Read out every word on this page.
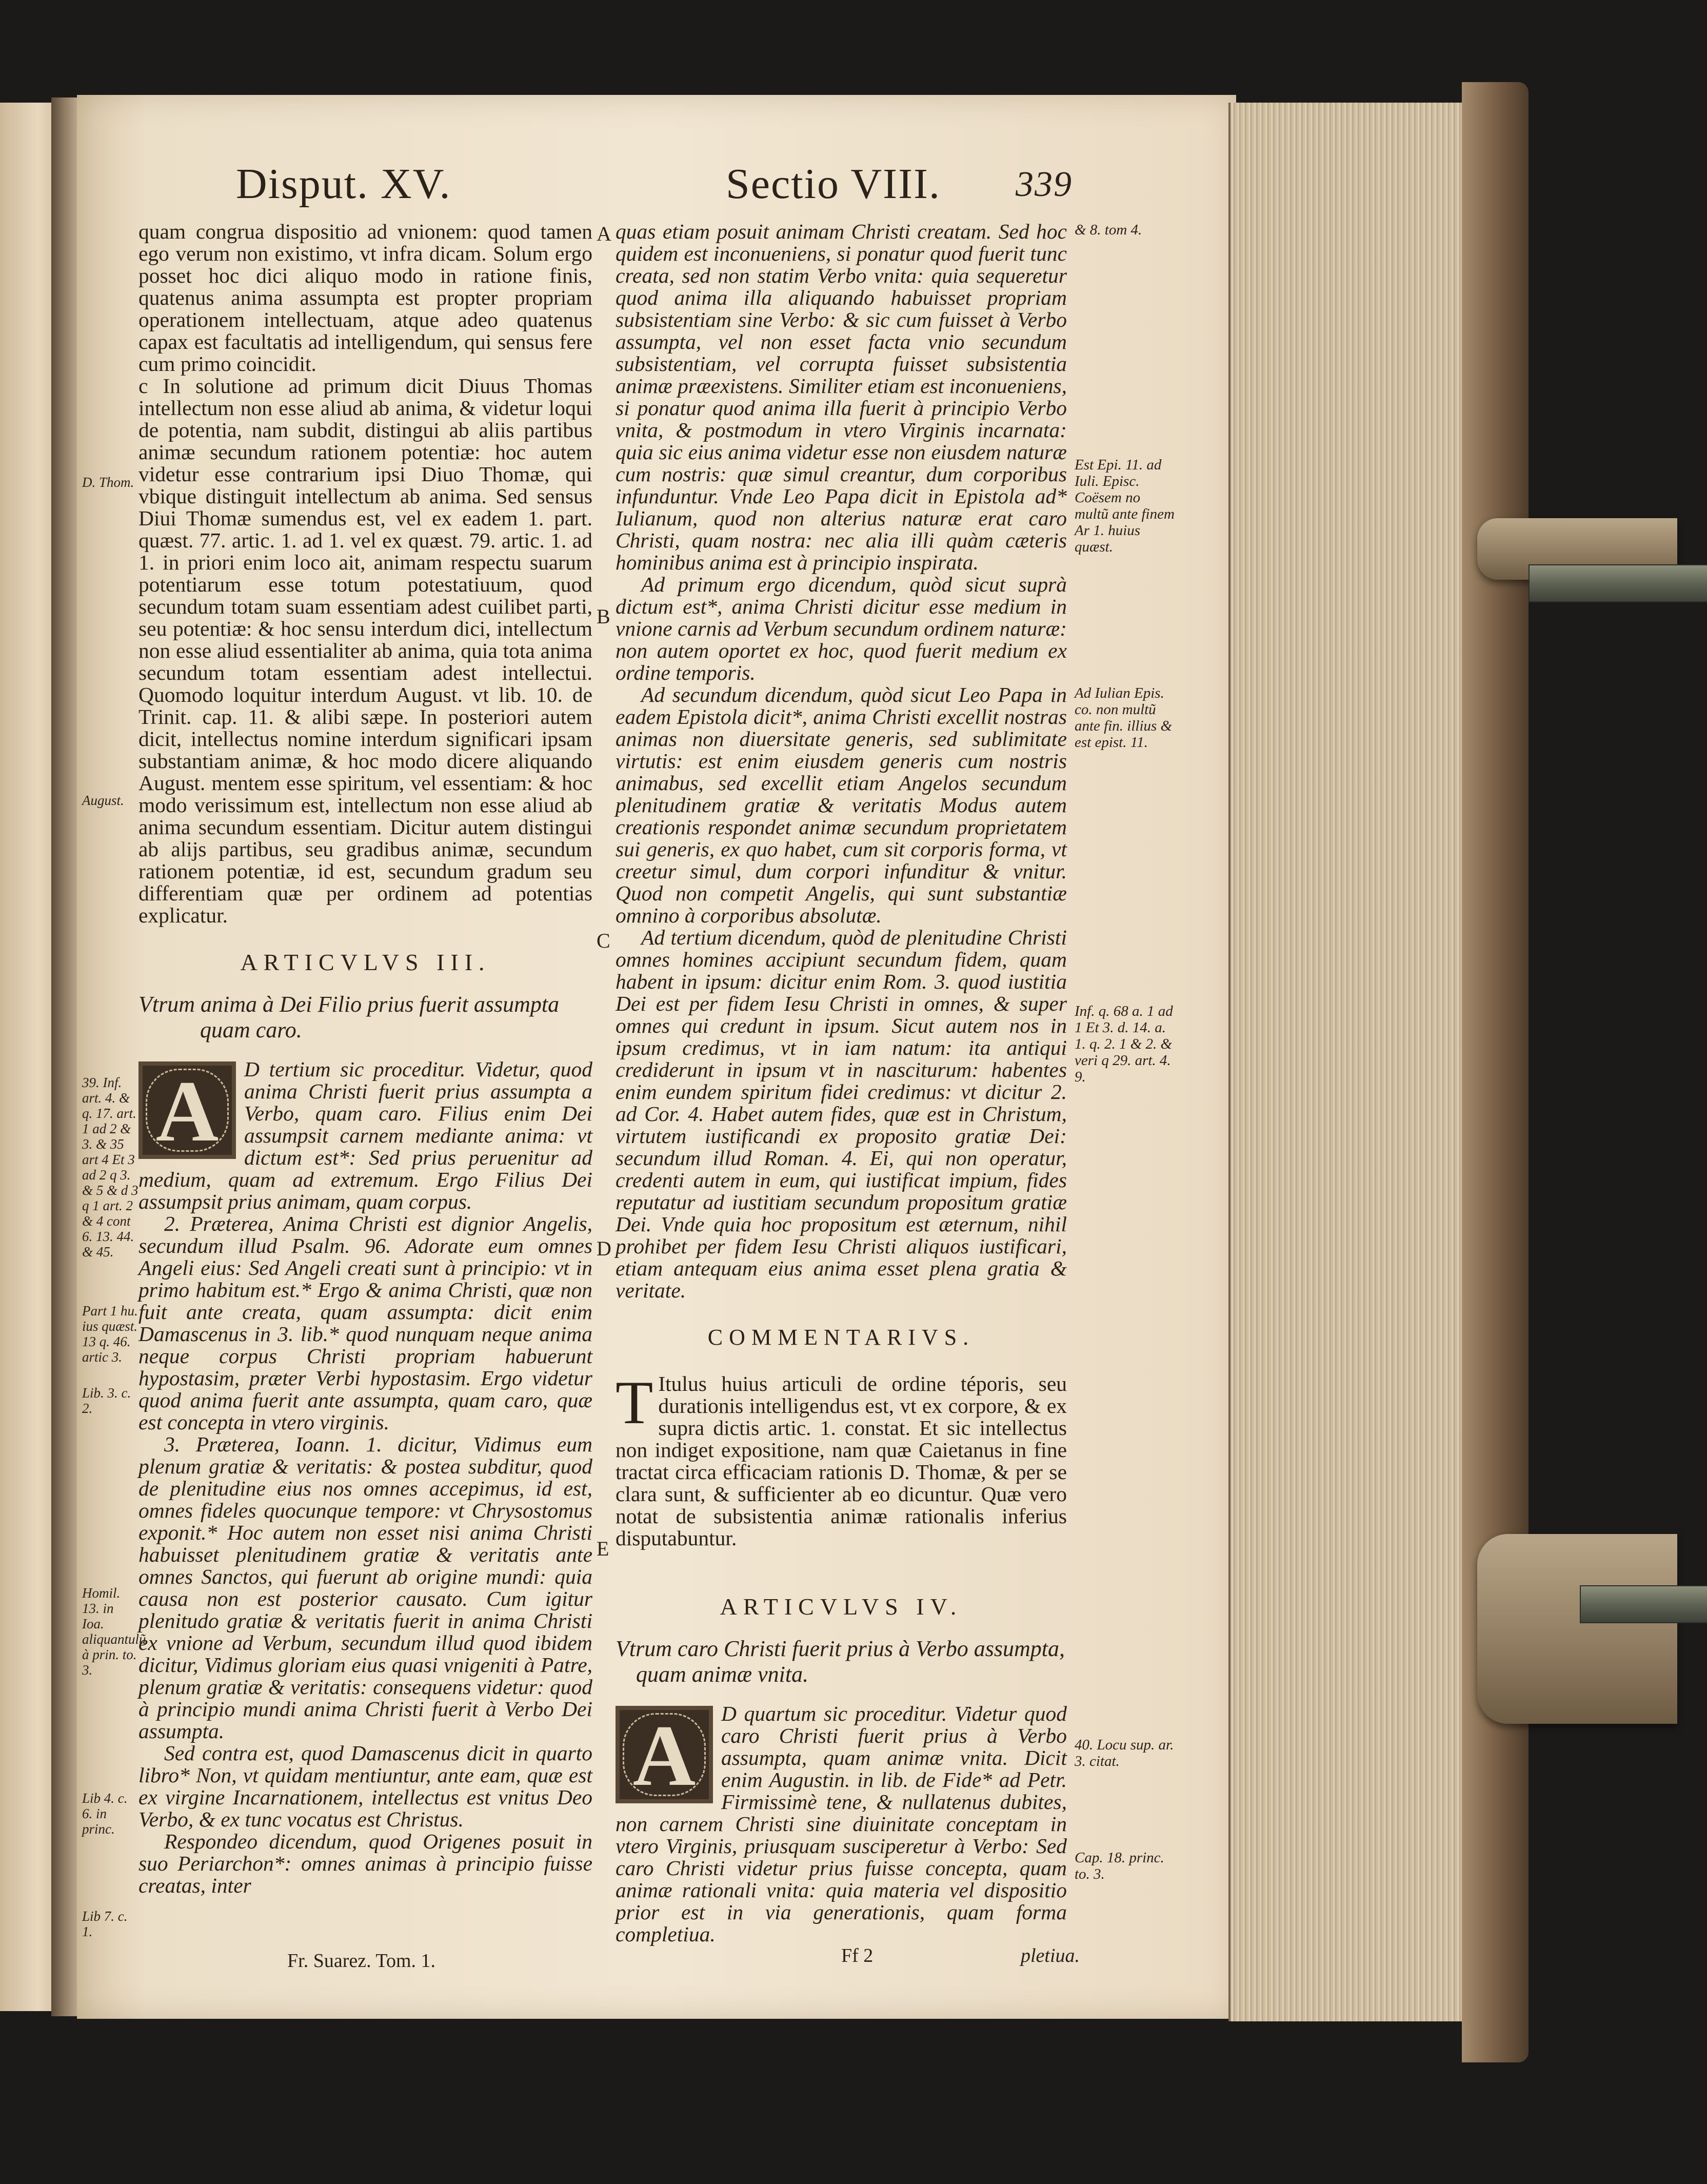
Disput. XV.	Sectio VIII. 339
D. Thom.
August.
39. Inf. art. 4. & q. 17. art. 1 ad 2 & 3. & 35 art 4 Et 3 ad 2 q 3. & 5 & d 3 q 1 art. 2 & 4 cont 6. 13. 44. & 45.
Part 1 hu. ius quæst. 13 q. 46. artic 3.
Lib. 3. c. 2.
Homil. 13. in Ioa. aliquantulũ à prin. to. 3.
Lib 4. c. 6. in princ.
Lib 7. c. 1.
A
B
C
D
E
& 8. tom 4.
Est Epi. 11. ad Iuli. Episc. Coësem no multũ ante finem Ar 1. huius quæst.
Ad Iulian Epis. co. non multũ ante fin. illius & est epist. 11.
Inf. q. 68 a. 1 ad 1 Et 3. d. 14. a. 1. q. 2. 1 & 2. & veri q 29. art. 4. 9.
40. Locu sup. ar. 3. citat.
Cap. 18. princ. to. 3.

quam congrua dispositio ad vnionem: quod tamen ego verum non existimo, vt infra dicam. Solum ergo posset hoc dici aliquo modo in ratione finis, quatenus anima assumpta est propter propriam operationem intellectuam, atque adeo quatenus capax est facultatis ad intelligendum, qui sensus fere cum primo coincidit.

c In solutione ad primum dicit Diuus Thomas intellectum non esse aliud ab anima, & videtur loqui de potentia, nam subdit, distingui ab aliis partibus animæ secundum rationem potentiæ: hoc autem videtur esse contrarium ipsi Diuo Thomæ, qui vbique distinguit intellectum ab anima. Sed sensus Diui Thomæ sumendus est, vel ex eadem 1. part. quæst. 77. artic. 1. ad 1. vel ex quæst. 79. artic. 1. ad 1. in priori enim loco ait, animam respectu suarum potentiarum esse totum potestatiuum, quod secundum totam suam essentiam adest cuilibet parti, seu potentiæ: & hoc sensu interdum dici, intellectum non esse aliud essentialiter ab anima, quia tota anima secundum totam essentiam adest intellectui. Quomodo loquitur interdum August. vt lib. 10. de Trinit. cap. 11. & alibi sæpe. In posteriori autem dicit, intellectus nomine interdum significari ipsam substantiam animæ, & hoc modo dicere aliquando August. mentem esse spiritum, vel essentiam: & hoc modo verissimum est, intellectum non esse aliud ab anima secundum essentiam. Dicitur autem distingui ab alijs partibus, seu gradibus animæ, secundum rationem potentiæ, id est, secundum gradum seu differentiam quæ per ordinem ad potentias explicatur.

ARTICVLVS III.
Vtrum anima à Dei Filio prius fuerit assumpta
quam caro.
A	D tertium sic proceditur. Videtur, quod anima Christi fuerit prius assumpta a Verbo, quam caro. Filius enim Dei assumpsit carnem mediante anima: vt dictum est*: Sed prius peruenitur ad medium, quam ad extremum. Ergo Filius Dei assumpsit prius animam, quam corpus.

2. Præterea, Anima Christi est dignior Angelis, secundum illud Psalm. 96. Adorate eum omnes Angeli eius: Sed Angeli creati sunt à principio: vt in primo habitum est.* Ergo & anima Christi, quæ non fuit ante creata, quam assumpta: dicit enim Damascenus in 3. lib.* quod nunquam neque anima neque corpus Christi propriam habuerunt hypostasim, præter Verbi hypostasim. Ergo videtur quod anima fuerit ante assumpta, quam caro, quæ est concepta in vtero virginis.

3. Præterea, Ioann. 1. dicitur, Vidimus eum plenum gratiæ & veritatis: & postea subditur, quod de plenitudine eius nos omnes accepimus, id est, omnes fideles quocunque tempore: vt Chrysostomus exponit.* Hoc autem non esset nisi anima Christi habuisset plenitudinem gratiæ & veritatis ante omnes Sanctos, qui fuerunt ab origine mundi: quia causa non est posterior causato. Cum igitur plenitudo gratiæ & veritatis fuerit in anima Christi ex vnione ad Verbum, secundum illud quod ibidem dicitur, Vidimus gloriam eius quasi vnigeniti à Patre, plenum gratiæ & veritatis: consequens videtur: quod à principio mundi anima Christi fuerit à Verbo Dei assumpta.

Sed contra est, quod Damascenus dicit in quarto libro* Non, vt quidam mentiuntur, ante eam, quæ est ex virgine Incarnationem, intellectus est vnitus Deo Verbo, & ex tunc vocatus est Christus.

Respondeo dicendum, quod Origenes posuit in suo Periarchon*: omnes animas à principio fuisse creatas, inter

Fr. Suarez. Tom. 1.

quas etiam posuit animam Christi creatam. Sed hoc quidem est inconueniens, si ponatur quod fuerit tunc creata, sed non statim Verbo vnita: quia sequeretur quod anima illa aliquando habuisset propriam subsistentiam sine Verbo: & sic cum fuisset à Verbo assumpta, vel non esset facta vnio secundum subsistentiam, vel corrupta fuisset subsistentia animæ præexistens. Similiter etiam est inconueniens, si ponatur quod anima illa fuerit à principio Verbo vnita, & postmodum in vtero Virginis incarnata: quia sic eius anima videtur esse non eiusdem naturæ cum nostris: quæ simul creantur, dum corporibus infunduntur. Vnde Leo Papa dicit in Epistola ad* Iulianum, quod non alterius naturæ erat caro Christi, quam nostra: nec alia illi quàm cæteris hominibus anima est à principio inspirata.

Ad primum ergo dicendum, quòd sicut suprà dictum est*, anima Christi dicitur esse medium in vnione carnis ad Verbum secundum ordinem naturæ: non autem oportet ex hoc, quod fuerit medium ex ordine temporis.

Ad secundum dicendum, quòd sicut Leo Papa in eadem Epistola dicit*, anima Christi excellit nostras animas non diuersitate generis, sed sublimitate virtutis: est enim eiusdem generis cum nostris animabus, sed excellit etiam Angelos secundum plenitudinem gratiæ & veritatis Modus autem creationis respondet animæ secundum proprietatem sui generis, ex quo habet, cum sit corporis forma, vt creetur simul, dum corpori infunditur & vnitur. Quod non competit Angelis, qui sunt substantiæ omnino à corporibus absolutæ.

Ad tertium dicendum, quòd de plenitudine Christi omnes homines accipiunt secundum fidem, quam habent in ipsum: dicitur enim Rom. 3. quod iustitia Dei est per fidem Iesu Christi in omnes, & super omnes qui credunt in ipsum. Sicut autem nos in ipsum credimus, vt in iam natum: ita antiqui crediderunt in ipsum vt in nasciturum: habentes enim eundem spiritum fidei credimus: vt dicitur 2. ad Cor. 4. Habet autem fides, quæ est in Christum, virtutem iustificandi ex proposito gratiæ Dei: secundum illud Roman. 4. Ei, qui non operatur, credenti autem in eum, qui iustificat impium, fides reputatur ad iustitiam secundum propositum gratiæ Dei. Vnde quia hoc propositum est æternum, nihil prohibet per fidem Iesu Christi aliquos iustificari, etiam antequam eius anima esset plena gratia & veritate.

COMMENTARIVS.

T Itulus huius articuli de ordine téporis, seu durationis intelligendus est, vt ex corpore, & ex supra dictis artic. 1. constat. Et sic intellectus non indiget expositione, nam quæ Caietanus in fine tractat circa efficaciam rationis D. Thomæ, & per se clara sunt, & sufficienter ab eo dicuntur. Quæ vero notat de subsistentia animæ rationalis inferius disputabuntur.

ARTICVLVS IV.
Vtrum caro Christi fuerit prius à Verbo assumpta,
quam animæ vnita.
A	D quartum sic proceditur. Videtur quod caro Christi fuerit prius à Verbo assumpta, quam animæ vnita. Dicit enim Augustin. in lib. de Fide* ad Petr. Firmissimè tene, & nullatenus dubites, non carnem Christi sine diuinitate conceptam in vtero Virginis, priusquam susciperetur à Verbo: Sed caro Christi videtur prius fuisse concepta, quam animæ rationali vnita: quia materia vel dispositio prior est in via generationis, quam forma completiua.

Ff 2	pletiua.
